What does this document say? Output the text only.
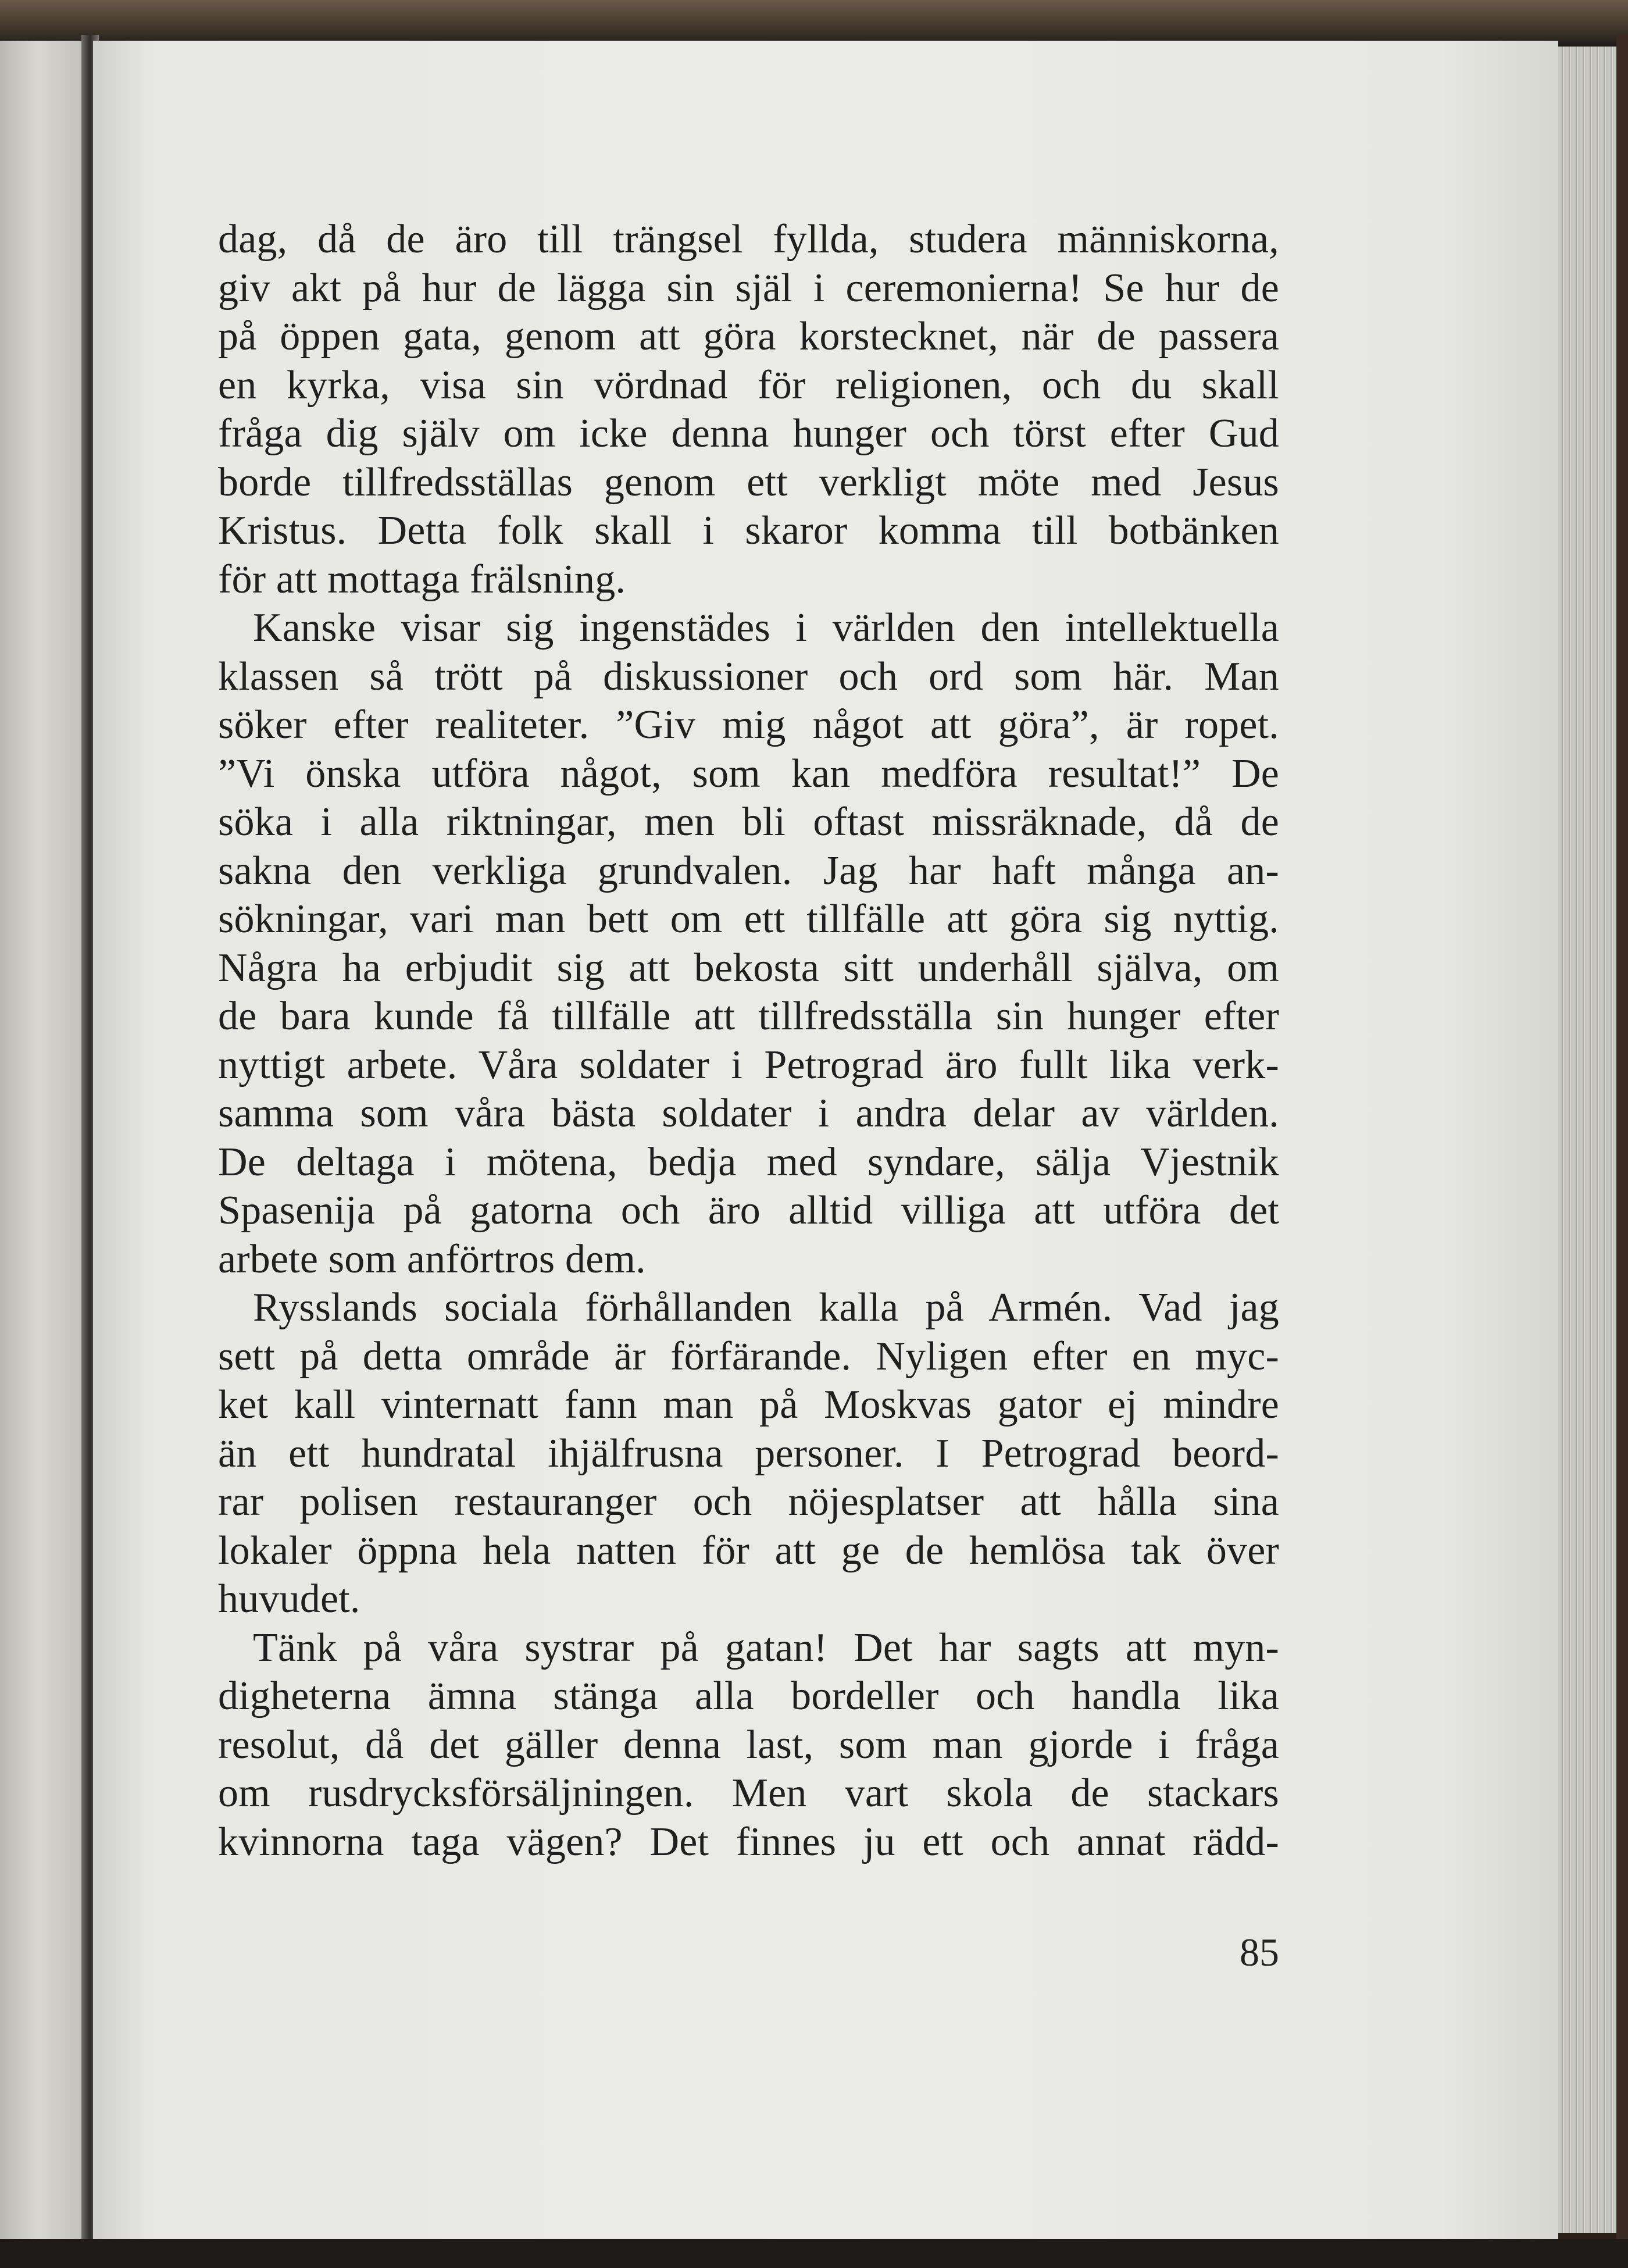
dag, då de äro till trängsel fyllda, studera människorna,
giv akt på hur de lägga sin själ i ceremonierna! Se hur de
på öppen gata, genom att göra korstecknet, när de passera
en kyrka, visa sin vördnad för religionen, och du skall
fråga dig själv om icke denna hunger och törst efter Gud
borde tillfredsställas genom ett verkligt möte med Jesus
Kristus. Detta folk skall i skaror komma till botbänken
för att mottaga frälsning.
Kanske visar sig ingenstädes i världen den intellektuella
klassen så trött på diskussioner och ord som här. Man
söker efter realiteter. ”Giv mig något att göra”, är ropet.
”Vi önska utföra något, som kan medföra resultat!” De
söka i alla riktningar, men bli oftast missräknade, då de
sakna den verkliga grundvalen. Jag har haft många an-
sökningar, vari man bett om ett tillfälle att göra sig nyttig.
Några ha erbjudit sig att bekosta sitt underhåll själva, om
de bara kunde få tillfälle att tillfredsställa sin hunger efter
nyttigt arbete. Våra soldater i Petrograd äro fullt lika verk-
samma som våra bästa soldater i andra delar av världen.
De deltaga i mötena, bedja med syndare, sälja Vjestnik
Spasenija på gatorna och äro alltid villiga att utföra det
arbete som anförtros dem.
Rysslands sociala förhållanden kalla på Armén. Vad jag
sett på detta område är förfärande. Nyligen efter en myc-
ket kall vinternatt fann man på Moskvas gator ej mindre
än ett hundratal ihjälfrusna personer. I Petrograd beord-
rar polisen restauranger och nöjesplatser att hålla sina
lokaler öppna hela natten för att ge de hemlösa tak över
huvudet.
Tänk på våra systrar på gatan! Det har sagts att myn-
digheterna ämna stänga alla bordeller och handla lika
resolut, då det gäller denna last, som man gjorde i fråga
om rusdrycksförsäljningen. Men vart skola de stackars
kvinnorna taga vägen? Det finnes ju ett och annat rädd-
85
